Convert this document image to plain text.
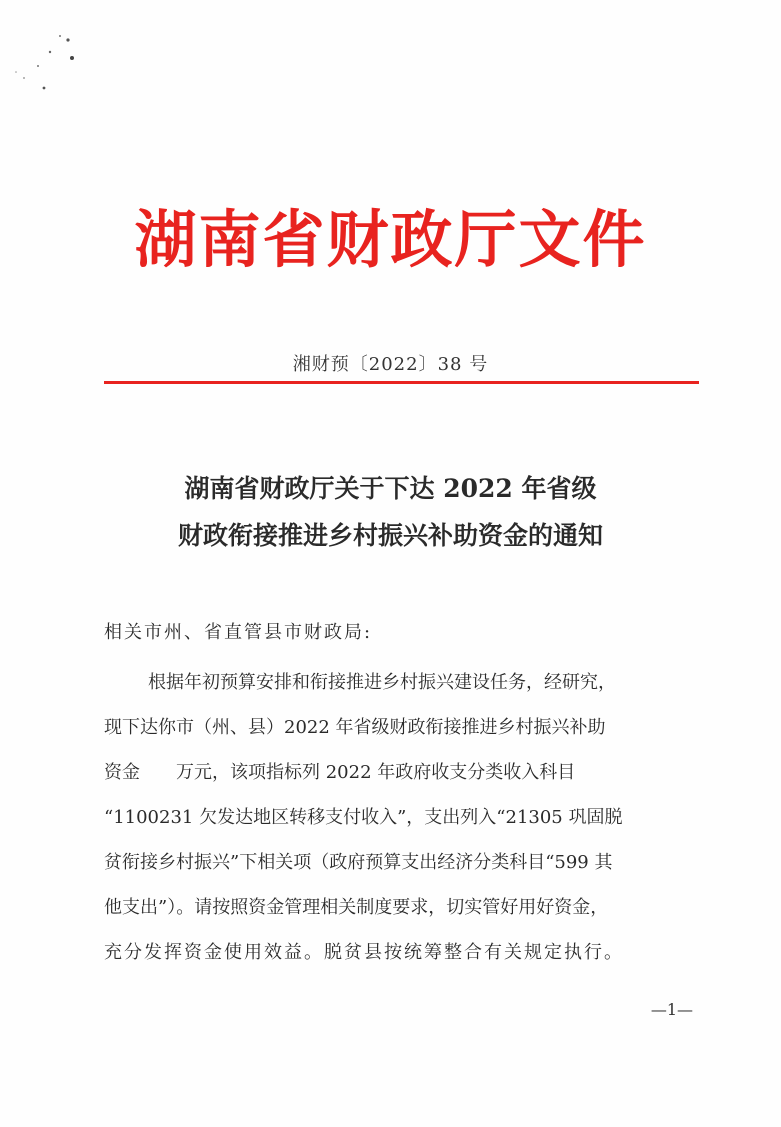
湖南省财政厅文件
湘财预〔2022〕38 号
湖南省财政厅关于下达 2022 年省级
财政衔接推进乡村振兴补助资金的通知
相关市州、省直管县市财政局:
根据年初预算安排和衔接推进乡村振兴建设任务，经研究，
现下达你市（州、县）2022 年省级财政衔接推进乡村振兴补助
资金　　万元，该项指标列 2022 年政府收支分类收入科目
“1100231 欠发达地区转移支付收入”，支出列入“21305 巩固脱
贫衔接乡村振兴”下相关项（政府预算支出经济分类科目“599 其
他支出”）。请按照资金管理相关制度要求，切实管好用好资金，
充分发挥资金使用效益。脱贫县按统筹整合有关规定执行。
—1—
